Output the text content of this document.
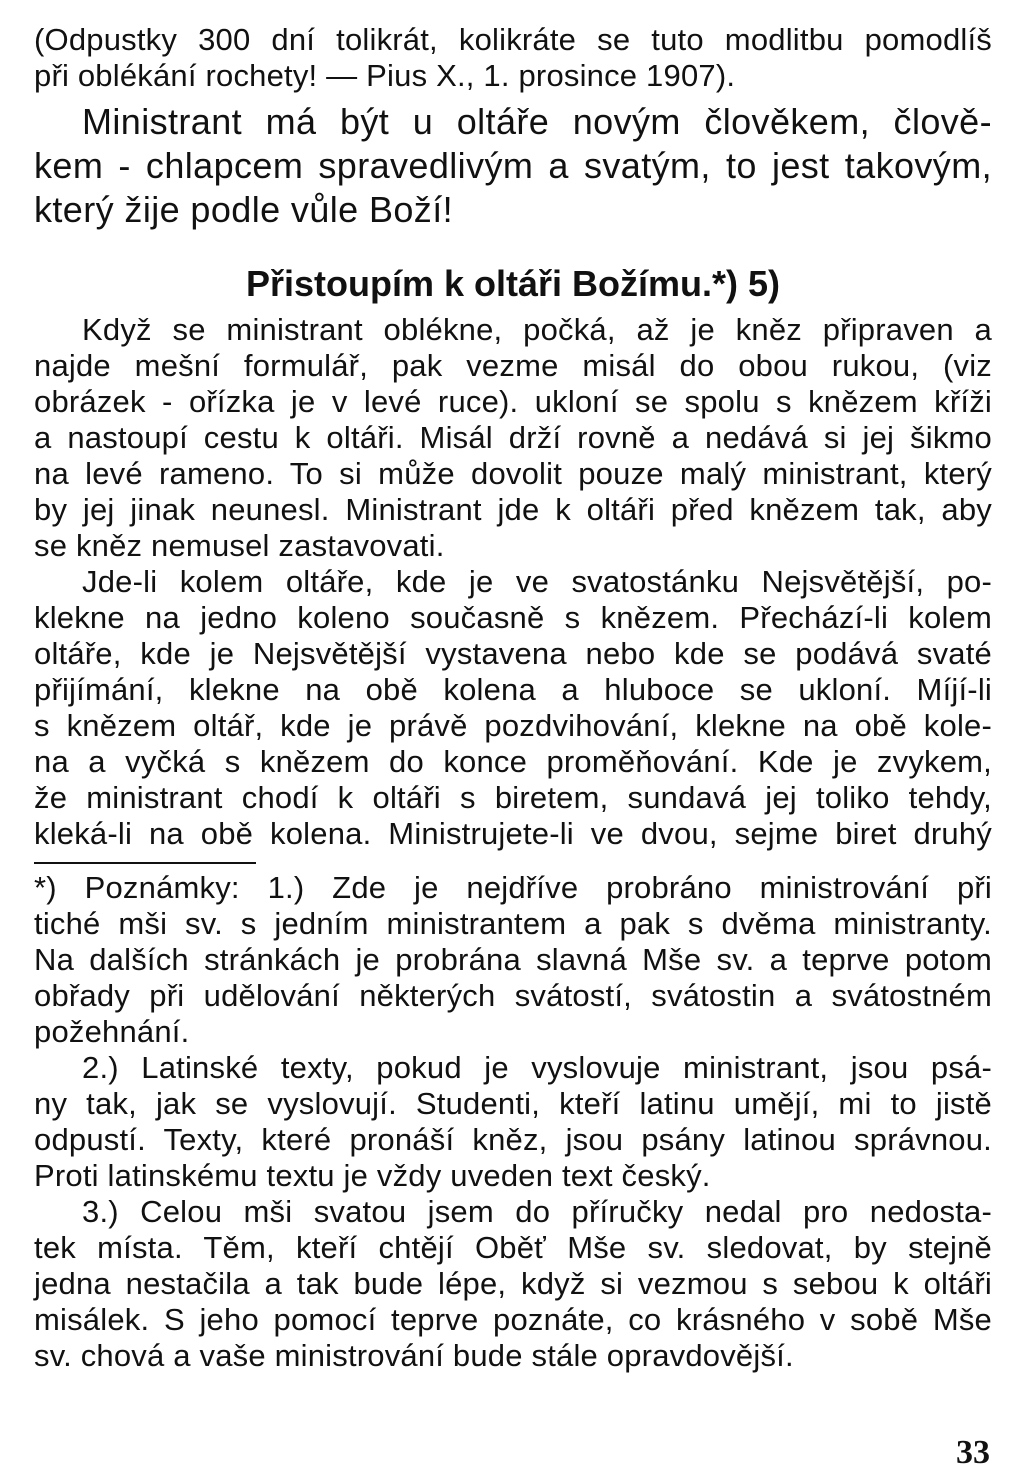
(Odpustky 300 dní tolikrát, kolikráte se tuto modlitbu pomodlíš
při oblékání rochety! — Pius X., 1. prosince 1907).
Ministrant má být u oltáře novým člověkem, člově-
kem - chlapcem spravedlivým a svatým, to jest takovým,
který žije podle vůle Boží!
Přistoupím k oltáři Božímu.*) 5)
Když se ministrant oblékne, počká, až je kněz připraven a
najde mešní formulář, pak vezme misál do obou rukou, (viz
obrázek - ořízka je v levé ruce). ukloní se spolu s knězem kříži
a nastoupí cestu k oltáři. Misál drží rovně a nedává si jej šikmo
na levé rameno. To si může dovolit pouze malý ministrant, který
by jej jinak neunesl. Ministrant jde k oltáři před knězem tak, aby
se kněz nemusel zastavovati.
Jde-li kolem oltáře, kde je ve svatostánku Nejsvětější, po-
klekne na jedno koleno současně s knězem. Přechází-li kolem
oltáře, kde je Nejsvětější vystavena nebo kde se podává svaté
přijímání, klekne na obě kolena a hluboce se ukloní. Míjí-li
s knězem oltář, kde je právě pozdvihování, klekne na obě kole-
na a vyčká s knězem do konce proměňování. Kde je zvykem,
že ministrant chodí k oltáři s biretem, sundavá jej toliko tehdy,
kleká-li na obě kolena. Ministrujete-li ve dvou, sejme biret druhý
*) Poznámky: 1.) Zde je nejdříve probráno ministrování při
tiché mši sv. s jedním ministrantem a pak s dvěma ministranty.
Na dalších stránkách je probrána slavná Mše sv. a teprve potom
obřady při udělování některých svátostí, svátostin a svátostném
požehnání.
2.) Latinské texty, pokud je vyslovuje ministrant, jsou psá-
ny tak, jak se vyslovují. Studenti, kteří latinu umějí, mi to jistě
odpustí. Texty, které pronáší kněz, jsou psány latinou správnou.
Proti latinskému textu je vždy uveden text český.
3.) Celou mši svatou jsem do příručky nedal pro nedosta-
tek místa. Těm, kteří chtějí Oběť Mše sv. sledovat, by stejně
jedna nestačila a tak bude lépe, když si vezmou s sebou k oltáři
misálek. S jeho pomocí teprve poznáte, co krásného v sobě Mše
sv. chová a vaše ministrování bude stále opravdovější.
33
